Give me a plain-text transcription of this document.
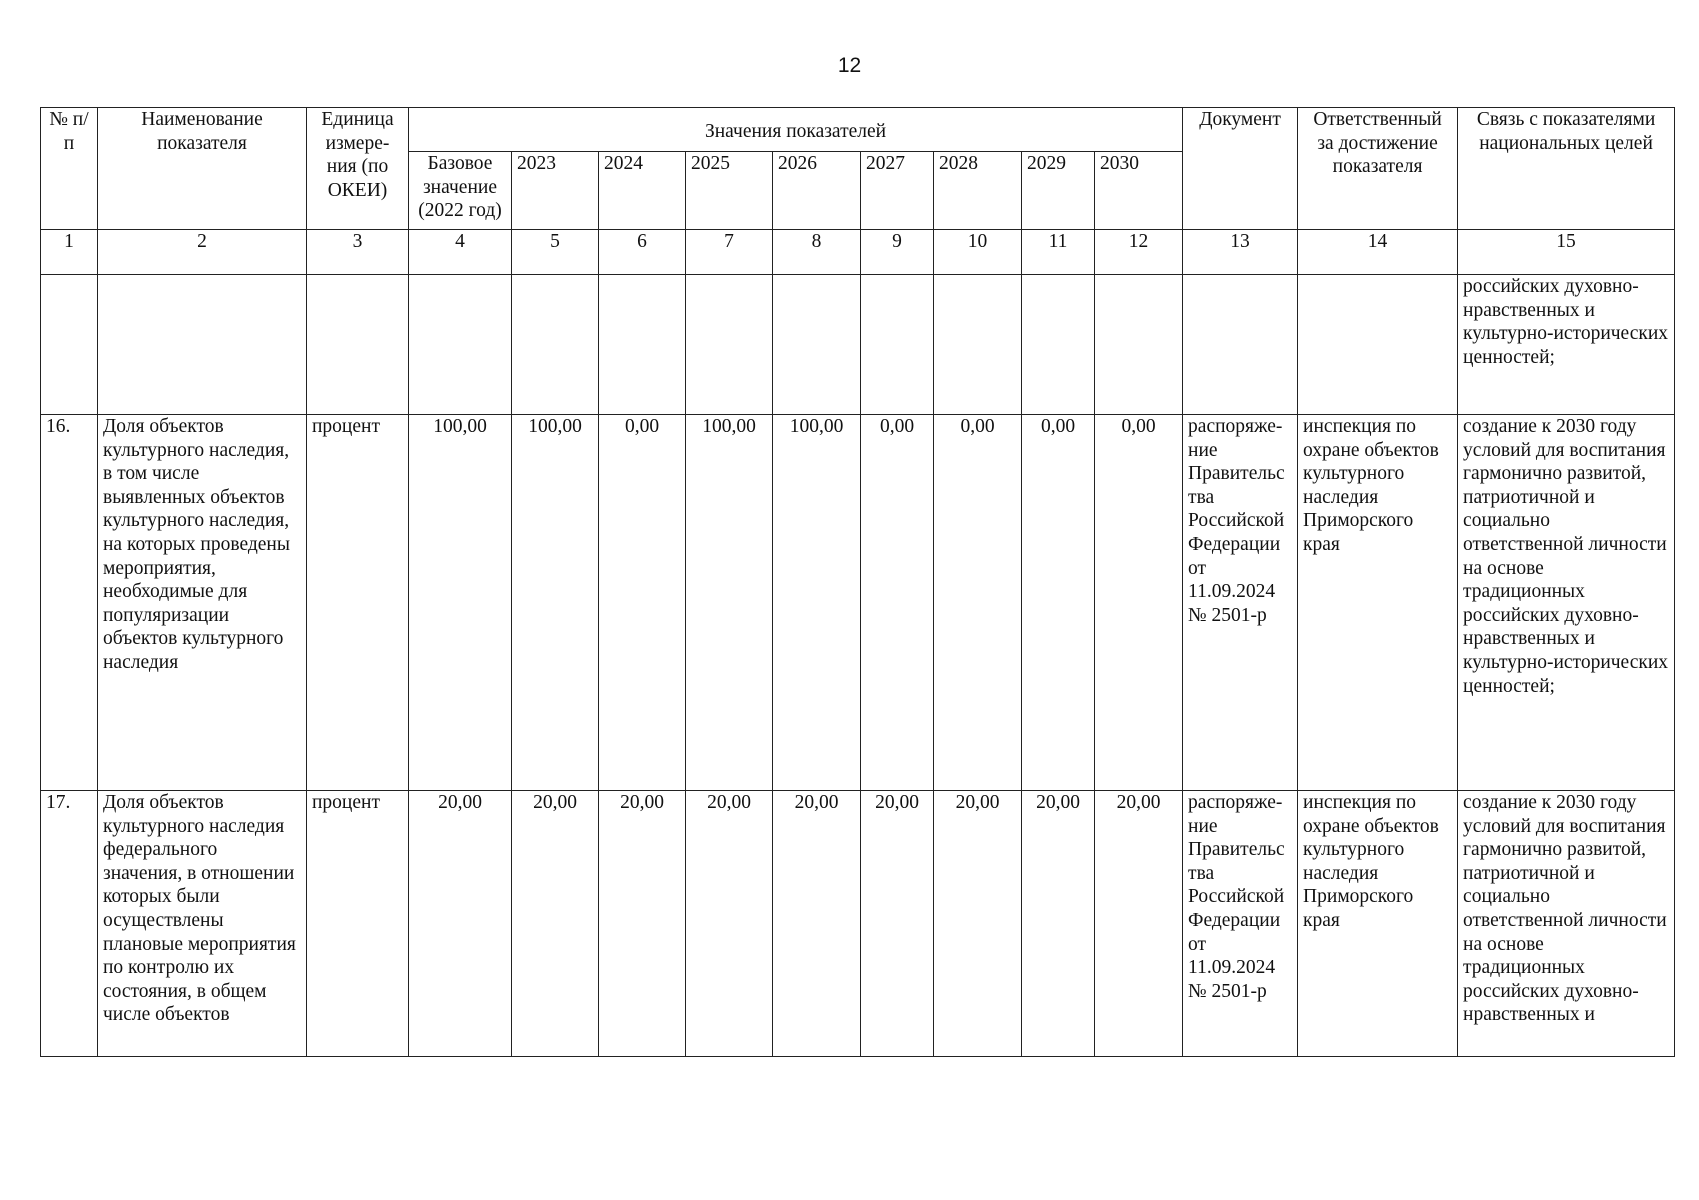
12
№ п/п	Наименование показателя	Единица измере-ния (по ОКЕИ)	Значения показателей									Документ	Ответственный за достижение показателя	Связь с показателями национальных целей
			Базовое значение (2022 год)	2023	2024	2025	2026	2027	2028	2029	2030			
1	2	3	4	5	6	7	8	9	10	11	12	13	14	15
														российских духовно-нравственных и культурно-исторических ценностей;
16.	Доля объектов культурного наследия, в том числе выявленных объектов культурного наследия, на которых проведены мероприятия, необходимые для популяризации объектов культурного наследия	процент	100,00	100,00	0,00	100,00	100,00	0,00	0,00	0,00	0,00	распоряже-ние Правительс тва Российской Федерации от 11.09.2024 № 2501-р	инспекция по охране объектов культурного наследия Приморского края	создание к 2030 году условий для воспитания гармонично развитой, патриотичной и социально ответственной личности на основе традиционных российских духовно-нравственных и культурно-исторических ценностей;
17.	Доля объектов культурного наследия федерального значения, в отношении которых были осуществлены плановые мероприятия по контролю их состояния, в общем числе объектов	процент	20,00	20,00	20,00	20,00	20,00	20,00	20,00	20,00	20,00	распоряже-ние Правительс тва Российской Федерации от 11.09.2024 № 2501-р	инспекция по охране объектов культурного наследия Приморского края	создание к 2030 году условий для воспитания гармонично развитой, патриотичной и социально ответственной личности на основе традиционных российских духовно-нравственных и
